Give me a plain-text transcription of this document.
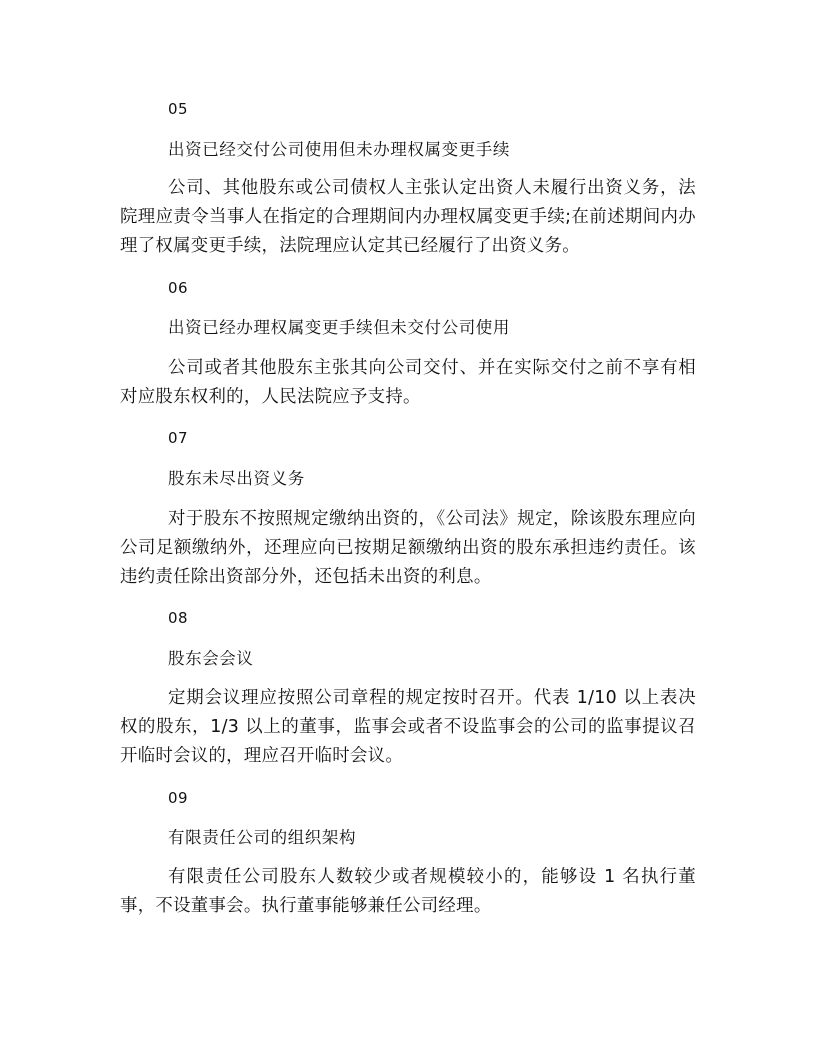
05
出资已经交付公司使用但未办理权属变更手续

公司、其他股东或公司债权人主张认定出资人未履行出资义务，法院理应责令当事人在指定的合理期间内办理权属变更手续;在前述期间内办理了权属变更手续，法院理应认定其已经履行了出资义务。

06
出资已经办理权属变更手续但未交付公司使用

公司或者其他股东主张其向公司交付、并在实际交付之前不享有相对应股东权利的，人民法院应予支持。

07
股东未尽出资义务

对于股东不按照规定缴纳出资的，《公司法》规定，除该股东理应向公司足额缴纳外，还理应向已按期足额缴纳出资的股东承担违约责任。该违约责任除出资部分外，还包括未出资的利息。

08
股东会会议

定期会议理应按照公司章程的规定按时召开。代表 1/10 以上表决权的股东，1/3 以上的董事，监事会或者不设监事会的公司的监事提议召开临时会议的，理应召开临时会议。

09
有限责任公司的组织架构

有限责任公司股东人数较少或者规模较小的，能够设 1 名执行董事，不设董事会。执行董事能够兼任公司经理。
